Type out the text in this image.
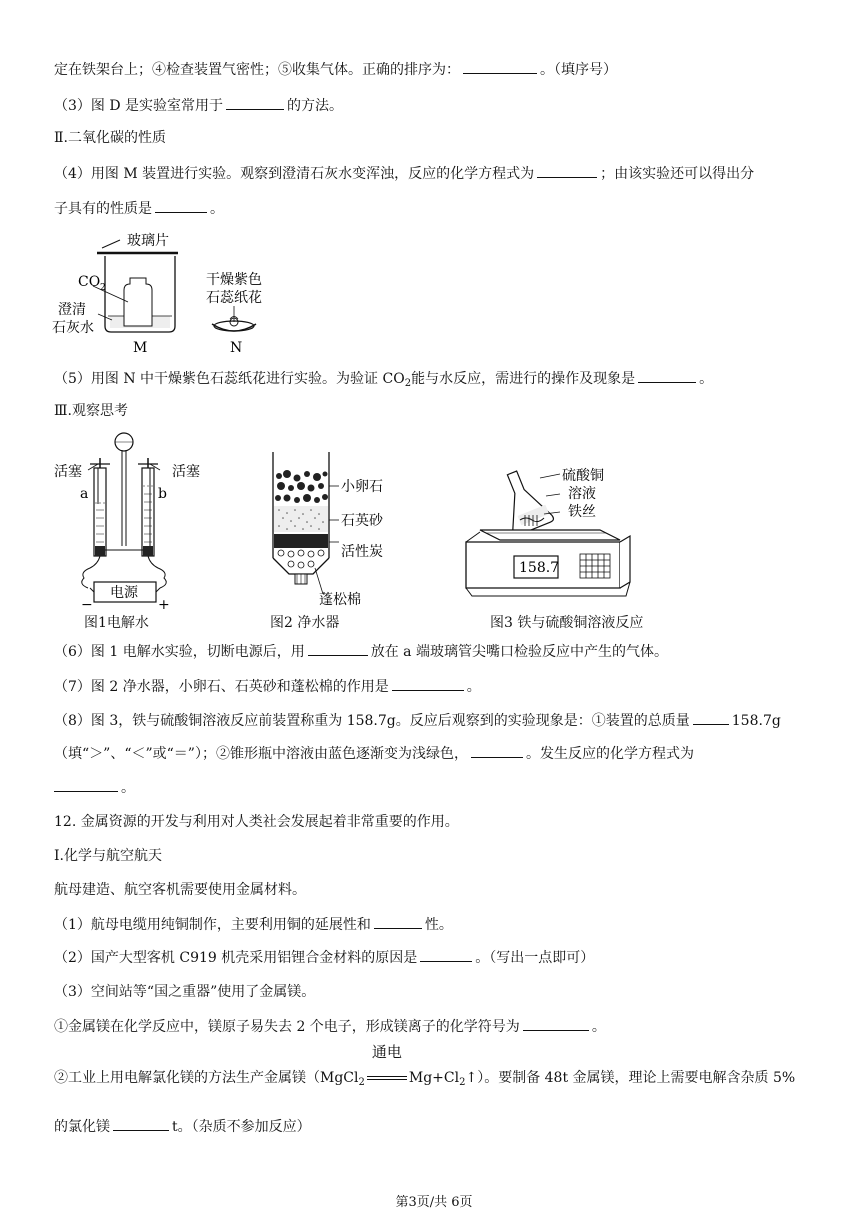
定在铁架台上；④检查装置气密性；⑤收集气体。正确的排序为：	。（填序号）
（3）图 D 是实验室常用于	的方法。
Ⅱ.二氧化碳的性质
（4）用图 M 装置进行实验。观察到澄清石灰水变浑浊，反应的化学方程式为	；由该实验还可以得出分
子具有的性质是	。
玻璃片
CO 2
澄清
石灰水
M
干燥紫色
石蕊纸花
N
（5）用图 N 中干燥紫色石蕊纸花进行实验。为验证 $CO_2$能与水反应，需进行的操作及现象是	。
Ⅲ.观察思考
电源
−	+
活塞	活塞
a	b
图1电解水
小卵石
石英砂
活性炭
蓬松棉
图2 净水器
158.7
硫酸铜
溶液
铁丝
图3 铁与硫酸铜溶液反应
（6）图 1 电解水实验，切断电源后，用	放在 a 端玻璃管尖嘴口检验反应中产生的气体。
（7）图 2 净水器，小卵石、石英砂和蓬松棉的作用是	。
（8）图 3，铁与硫酸铜溶液反应前装置称重为 158.7g。反应后观察到的实验现象是：①装置的总质量	158.7g
（填“＞”、“＜”或“＝”）；②锥形瓶中溶液由蓝色逐渐变为浅绿色，	。发生反应的化学方程式为
。
12. 金属资源的开发与利用对人类社会发展起着非常重要的作用。
Ⅰ.化学与航空航天
航母建造、航空客机需要使用金属材料。
（1）航母电缆用纯铜制作，主要利用铜的延展性和	性。
（2）国产大型客机 C919 机壳采用铝锂合金材料的原因是	。（写出一点即可）
（3）空间站等“国之重器”使用了金属镁。
①金属镁在化学反应中，镁原子易失去 2 个电子，形成镁离子的化学符号为	。
②工业上用电解氯化镁的方法生产金属镁（MgCl$_2$
通电
$Mg+Cl_2↑$）。要制备 48t 金属镁，理论上需要电解含杂质 5%
的氯化镁	t。（杂质不参加反应）
第3页/共 6页
